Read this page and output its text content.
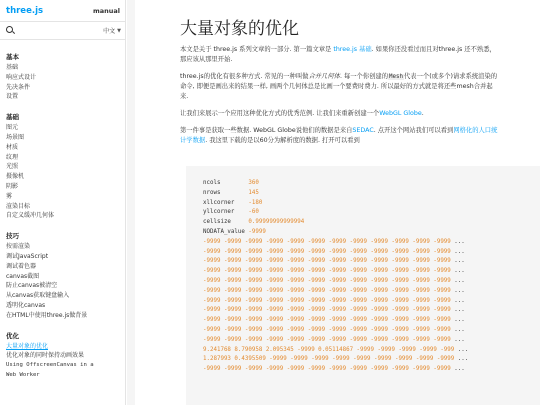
three.js	manual
中文 ▼
基本
基础
响应式设计
先决条件
设置
基础
图元
场景图
材质
纹理
光照
摄像机
阴影
雾
渲染目标
自定义缓冲几何体
技巧
按需渲染
调试JavaScript
调试着色器
canvas截图
防止canvas被清空
从canvas获取键盘输入
透明化canvas
在HTML中使用three.js做背景
优化
大量对象的优化
优化对象的同时保持动画效果
Using OffscreenCanvas in a
Web Worker
大量对象的优化

本文是关于 three.js 系列文章的一部分. 第一篇文章是 three.js 基础. 如果你还没看过而且对three.js 还不熟悉，那应该从那里开始.

three.js的优化有很多种方式. 常见的一种叫做合并几何体. 每一个你创建的Mesh代表一个(或多个)请求系统渲染的命令, 即便是画出来的结果一样, 画两个几何体总是比画一个要费时费力. 所以最好的方式就是将还些mesh合并起来.

让我们来展示一个应用这种优化方式的优秀范例. 让我们来重新创建一个WebGL Globe.

第一件事是获取一些数据. WebGL Globe说他们的数据是来自SEDAC. 点开这个网站我们可以看到网格化的人口统计学数据. 我这里下载的是以60分为解析度的数据. 打开可以看到

ncols	360
nrows	145
xllcorner -180
yllcorner -60
cellsize	0.99999999999994
NODATA_value -9999
-9999 -9999 -9999 -9999 -9999 -9999 -9999 -9999 -9999 -9999 -9999 -9999 ...
-9999 -9999 -9999 -9999 -9999 -9999 -9999 -9999 -9999 -9999 -9999 -9999 ...
-9999 -9999 -9999 -9999 -9999 -9999 -9999 -9999 -9999 -9999 -9999 -9999 ...
-9999 -9999 -9999 -9999 -9999 -9999 -9999 -9999 -9999 -9999 -9999 -9999 ...
-9999 -9999 -9999 -9999 -9999 -9999 -9999 -9999 -9999 -9999 -9999 -9999 ...
-9999 -9999 -9999 -9999 -9999 -9999 -9999 -9999 -9999 -9999 -9999 -9999 ...
-9999 -9999 -9999 -9999 -9999 -9999 -9999 -9999 -9999 -9999 -9999 -9999 ...
-9999 -9999 -9999 -9999 -9999 -9999 -9999 -9999 -9999 -9999 -9999 -9999 ...
-9999 -9999 -9999 -9999 -9999 -9999 -9999 -9999 -9999 -9999 -9999 -9999 ...
-9999 -9999 -9999 -9999 -9999 -9999 -9999 -9999 -9999 -9999 -9999 -9999 ...
-9999 -9999 -9999 -9999 -9999 -9999 -9999 -9999 -9999 -9999 -9999 -9999 ...
9.241768 8.790958 2.095345 -9999 0.05114867 -9999 -9999 -9999 -9999 -999 ...
1.287993 0.4395509 -9999 -9999 -9999 -9999 -9999 -9999 -9999 -9999 -9999 ...
-9999 -9999 -9999 -9999 -9999 -9999 -9999 -9999 -9999 -9999 -9999 -9999 ...
